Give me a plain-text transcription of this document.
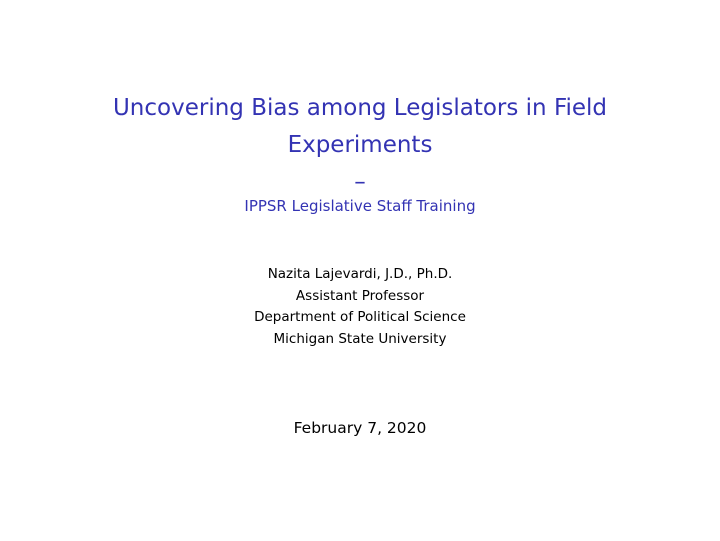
Uncovering Bias among Legislators in Field
Experiments
–
IPPSR Legislative Staff Training
Nazita Lajevardi, J.D., Ph.D.
Assistant Professor
Department of Political Science
Michigan State University
February 7, 2020
